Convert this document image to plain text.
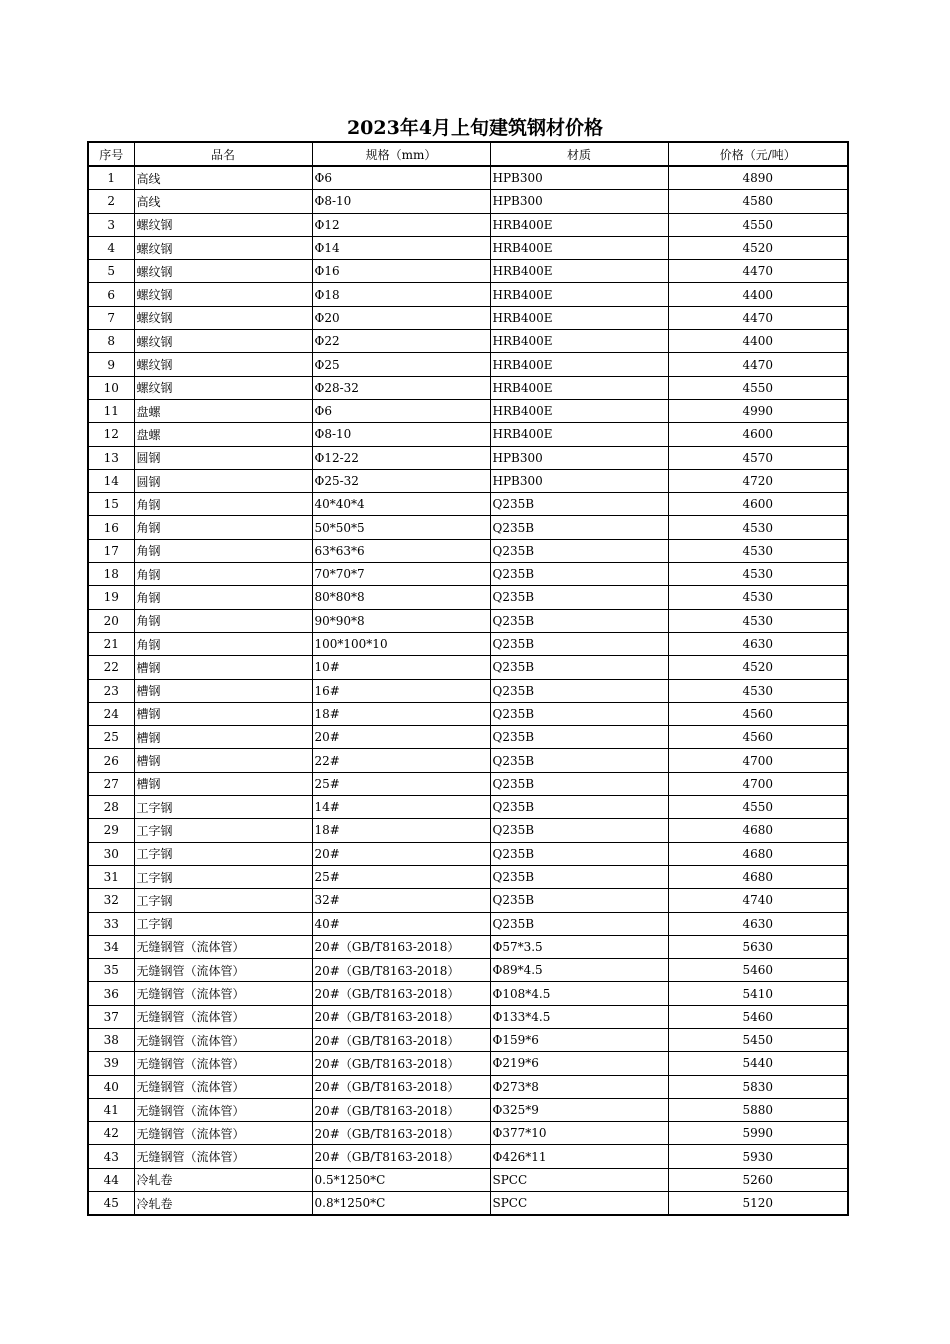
2023年4月上旬建筑钢材价格
序号	品名	规格（mm）	材质	价格（元/吨）
1	高线	Φ6	HPB300	4890
2	高线	Φ8-10	HPB300	4580
3	螺纹钢	Φ12	HRB400E	4550
4	螺纹钢	Φ14	HRB400E	4520
5	螺纹钢	Φ16	HRB400E	4470
6	螺纹钢	Φ18	HRB400E	4400
7	螺纹钢	Φ20	HRB400E	4470
8	螺纹钢	Φ22	HRB400E	4400
9	螺纹钢	Φ25	HRB400E	4470
10	螺纹钢	Φ28-32	HRB400E	4550
11	盘螺	Φ6	HRB400E	4990
12	盘螺	Φ8-10	HRB400E	4600
13	圆钢	Φ12-22	HPB300	4570
14	圆钢	Φ25-32	HPB300	4720
15	角钢	40*40*4	Q235B	4600
16	角钢	50*50*5	Q235B	4530
17	角钢	63*63*6	Q235B	4530
18	角钢	70*70*7	Q235B	4530
19	角钢	80*80*8	Q235B	4530
20	角钢	90*90*8	Q235B	4530
21	角钢	100*100*10	Q235B	4630
22	槽钢	10#	Q235B	4520
23	槽钢	16#	Q235B	4530
24	槽钢	18#	Q235B	4560
25	槽钢	20#	Q235B	4560
26	槽钢	22#	Q235B	4700
27	槽钢	25#	Q235B	4700
28	工字钢	14#	Q235B	4550
29	工字钢	18#	Q235B	4680
30	工字钢	20#	Q235B	4680
31	工字钢	25#	Q235B	4680
32	工字钢	32#	Q235B	4740
33	工字钢	40#	Q235B	4630
34	无缝钢管（流体管）	20#（GB/T8163-2018）	Φ57*3.5	5630
35	无缝钢管（流体管）	20#（GB/T8163-2018）	Φ89*4.5	5460
36	无缝钢管（流体管）	20#（GB/T8163-2018）	Φ108*4.5	5410
37	无缝钢管（流体管）	20#（GB/T8163-2018）	Φ133*4.5	5460
38	无缝钢管（流体管）	20#（GB/T8163-2018）	Φ159*6	5450
39	无缝钢管（流体管）	20#（GB/T8163-2018）	Φ219*6	5440
40	无缝钢管（流体管）	20#（GB/T8163-2018）	Φ273*8	5830
41	无缝钢管（流体管）	20#（GB/T8163-2018）	Φ325*9	5880
42	无缝钢管（流体管）	20#（GB/T8163-2018）	Φ377*10	5990
43	无缝钢管（流体管）	20#（GB/T8163-2018）	Φ426*11	5930
44	冷轧卷	0.5*1250*C	SPCC	5260
45	冷轧卷	0.8*1250*C	SPCC	5120
